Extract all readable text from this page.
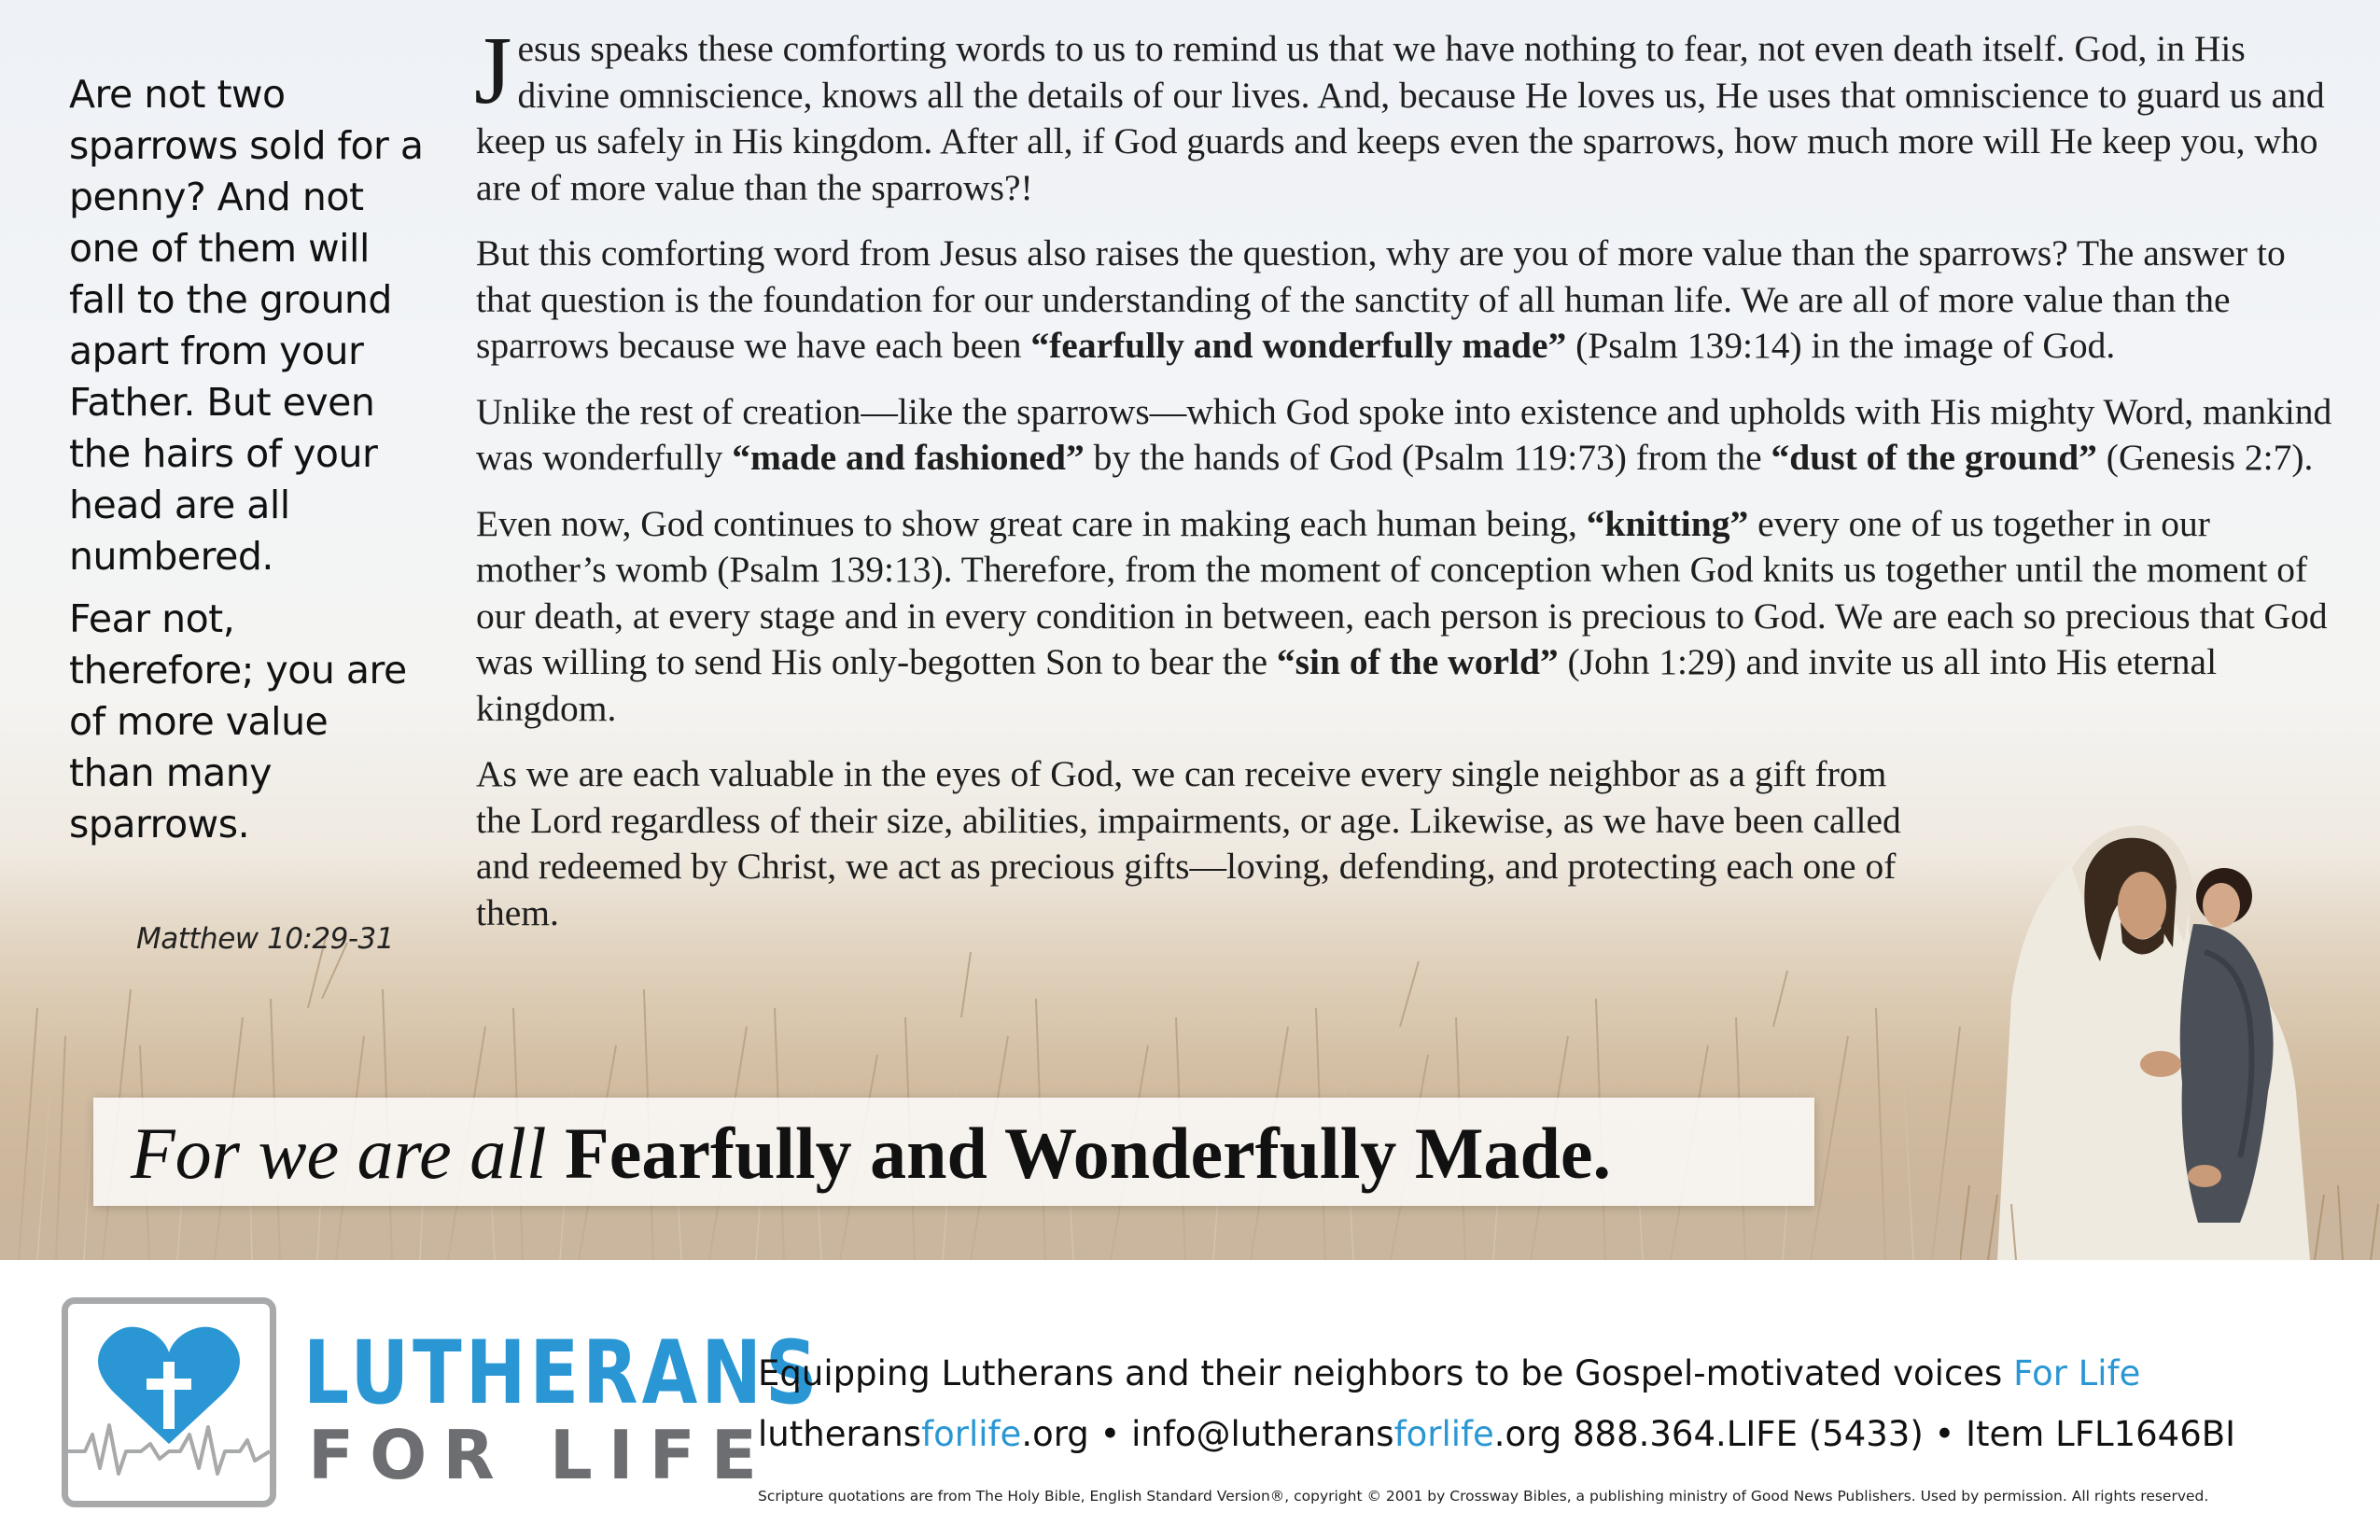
Are not two sparrows sold for a penny? And not one of them will fall to the ground apart from your Father. But even the hairs of your head are all numbered.

Fear not, therefore; you are of more value than many sparrows.

Matthew 10:29-31

Jesus speaks these comforting words to us to remind us that we have nothing to fear, not even death itself. God, in His divine omniscience, knows all the details of our lives. And, because He loves us, He uses that omniscience to guard us and keep us safely in His kingdom. After all, if God guards and keeps even the sparrows, how much more will He keep you, who are of more value than the sparrows?!

But this comforting word from Jesus also raises the question, why are you of more value than the sparrows? The answer to that question is the foundation for our understanding of the sanctity of all human life. We are all of more value than the sparrows because we have each been “fearfully and wonderfully made” (Psalm 139:14) in the image of God.

Unlike the rest of creation—like the sparrows—which God spoke into existence and upholds with His mighty Word, mankind was wonderfully “made and fashioned” by the hands of God (Psalm 119:73) from the “dust of the ground” (Genesis 2:7).

Even now, God continues to show great care in making each human being, “knitting” every one of us together in our mother’s womb (Psalm 139:13). Therefore, from the moment of conception when God knits us together until the moment of our death, at every stage and in every condition in between, each person is precious to God. We are each so precious that God was willing to send His only-begotten Son to bear the “sin of the world” (John 1:29) and invite us all into His eternal kingdom.

As we are each valuable in the eyes of God, we can receive every single neighbor as a gift from the Lord regardless of their size, abilities, impairments, or age. Likewise, as we have been called and redeemed by Christ, we act as precious gifts—loving, defending, and protecting each one of them.

For we are all Fearfully and Wonderfully Made.
LUTHERANS
FOR LIFE
Equipping Lutherans and their neighbors to be Gospel-motivated voices For Life
lutheransforlife.org • info@lutheransforlife.org 888.364.LIFE (5433) • Item LFL1646BI
Scripture quotations are from The Holy Bible, English Standard Version®, copyright © 2001 by Crossway Bibles, a publishing ministry of Good News Publishers. Used by permission. All rights reserved.
